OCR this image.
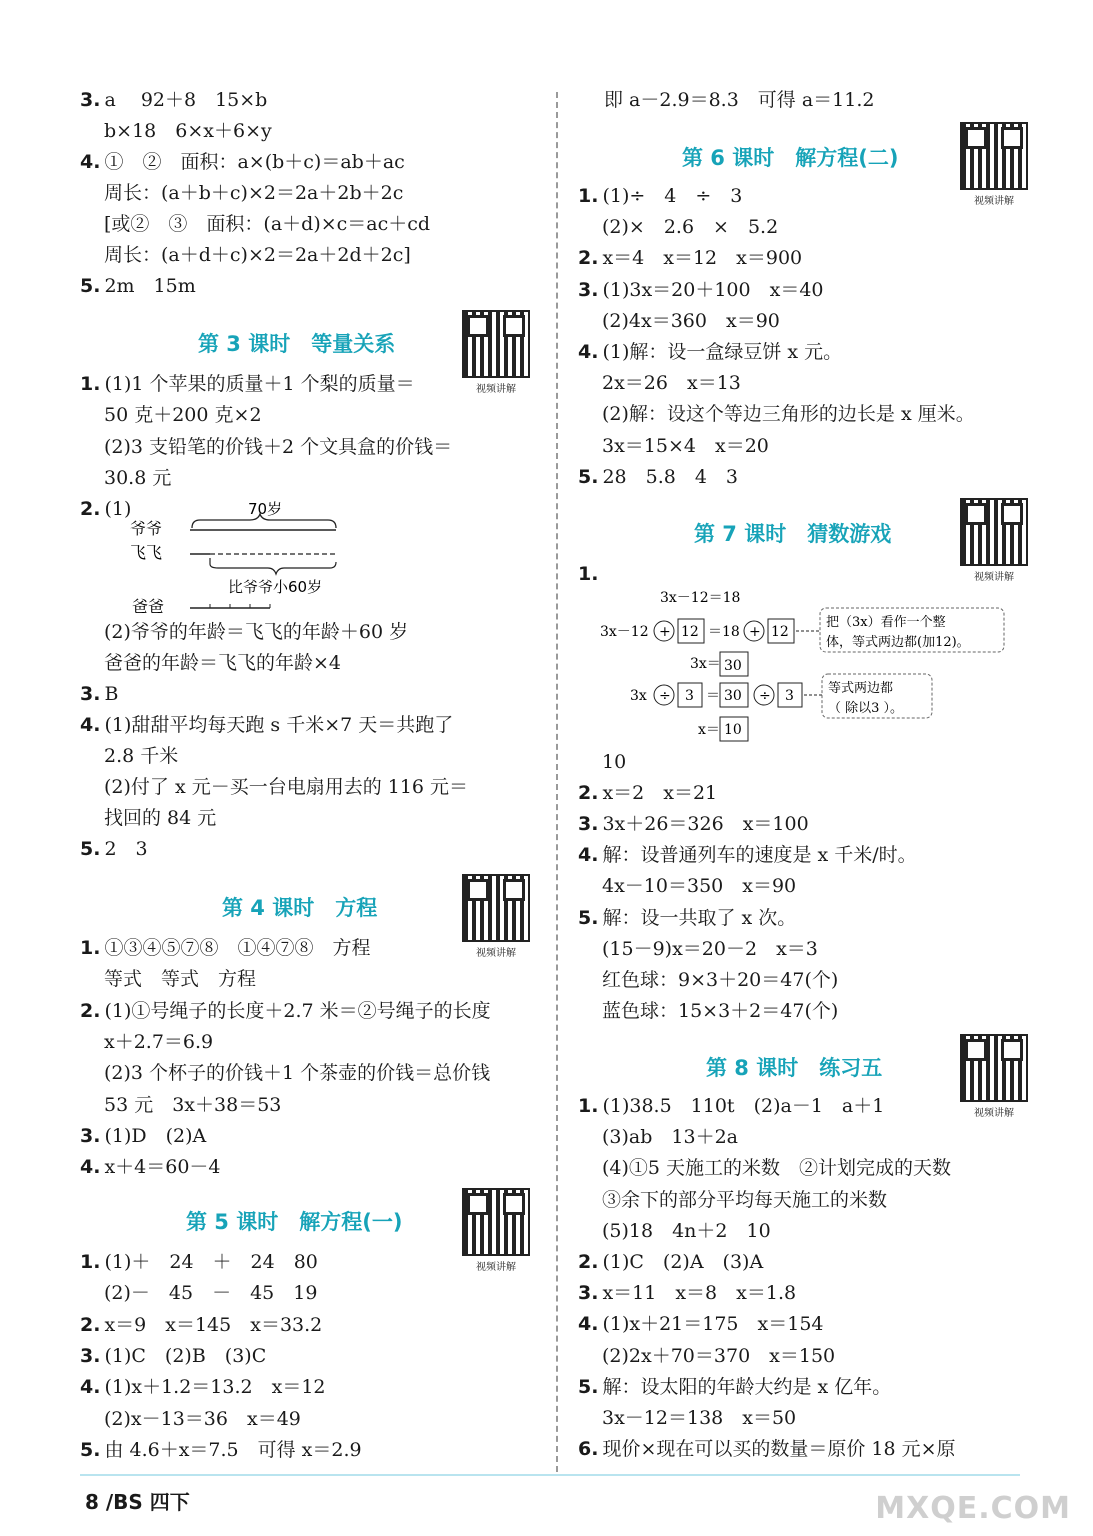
3. a　 92＋8　15×b
b×18　6×x＋6×y
4. ①　②　面积：a×(b＋c)＝ab＋ac
周长：(a＋b＋c)×2＝2a＋2b＋2c
[或②　③　面积：(a＋d)×c＝ac＋cd
周长：(a＋d＋c)×2＝2a＋2d＋2c]
5. 2m　15m
第 3 课时　等量关系
视频讲解
1. (1)1 个苹果的质量＋1 个梨的质量＝
50 克＋200 克×2
(2)3 支铅笔的价钱＋2 个文具盒的价钱＝
30.8 元
2. (1)	70岁
爷爷
飞飞
比爷爷小60岁
爸爸
(2)爷爷的年龄＝飞飞的年龄＋60 岁
爸爸的年龄＝飞飞的年龄×4
3. B
4. (1)甜甜平均每天跑 s 千米×7 天＝共跑了
2.8 千米
(2)付了 x 元－买一台电扇用去的 116 元＝
找回的 84 元
5. 2　3
第 4 课时　方程
视频讲解
1. ①③④⑤⑦⑧　①④⑦⑧　方程
等式　等式　方程
2. (1)①号绳子的长度＋2.7 米＝②号绳子的长度
x＋2.7＝6.9
(2)3 个杯子的价钱＋1 个茶壶的价钱＝总价钱
53 元　3x＋38＝53
3. (1)D　(2)A
4. x＋4＝60－4
第 5 课时　解方程(一)
视频讲解
1. (1)＋　24　＋　24　80
(2)－　45　－　45　19
2. x＝9　x＝145　x＝33.2
3. (1)C　(2)B　(3)C
4. (1)x＋1.2＝13.2　x＝12
(2)x－13＝36　x＝49
5. 由 4.6＋x＝7.5　可得 x＝2.9
即 a－2.9＝8.3　可得 a＝11.2
第 6 课时　解方程(二)
视频讲解
1. (1)÷　4　÷　3
(2)×　2.6　×　5.2
2. x＝4　x＝12　x＝900
3. (1)3x＝20＋100　x＝40
(2)4x＝360　x＝90
4. (1)解：设一盒绿豆饼 x 元。
2x＝26　x＝13
(2)解：设这个等边三角形的边长是 x 厘米。
3x＝15×4　x＝20
5. 28　5.8　4　3
第 7 课时　猜数游戏
视频讲解
1.
3x－12＝18
3x－12 + 12 ＝18 + 12
把（3x）看作一个整
体，等式两边都(加12)。
3x＝ 30
3x ÷ 3 ＝ 30 ÷ 3	等式两边都
（ 除以3 ）。
x＝ 10
10
2. x＝2　x＝21
3. 3x＋26＝326　x＝100
4. 解：设普通列车的速度是 x 千米/时。
4x－10＝350　x＝90
5. 解：设一共取了 x 次。
(15－9)x＝20－2　x＝3
红色球：9×3＋20＝47(个)
蓝色球：15×3＋2＝47(个)
第 8 课时　练习五
视频讲解
1. (1)38.5　110t　(2)a－1　a＋1
(3)ab　13＋2a
(4)①5 天施工的米数　②计划完成的天数
③余下的部分平均每天施工的米数
(5)18　4n＋2　10
2. (1)C　(2)A　(3)A
3. x＝11　x＝8　x＝1.8
4. (1)x＋21＝175　x＝154
(2)2x＋70＝370　x＝150
5. 解：设太阳的年龄大约是 x 亿年。
3x－12＝138　x＝50
6. 现价×现在可以买的数量＝原价 18 元×原
8 /BS 四下	MXQE.COM
